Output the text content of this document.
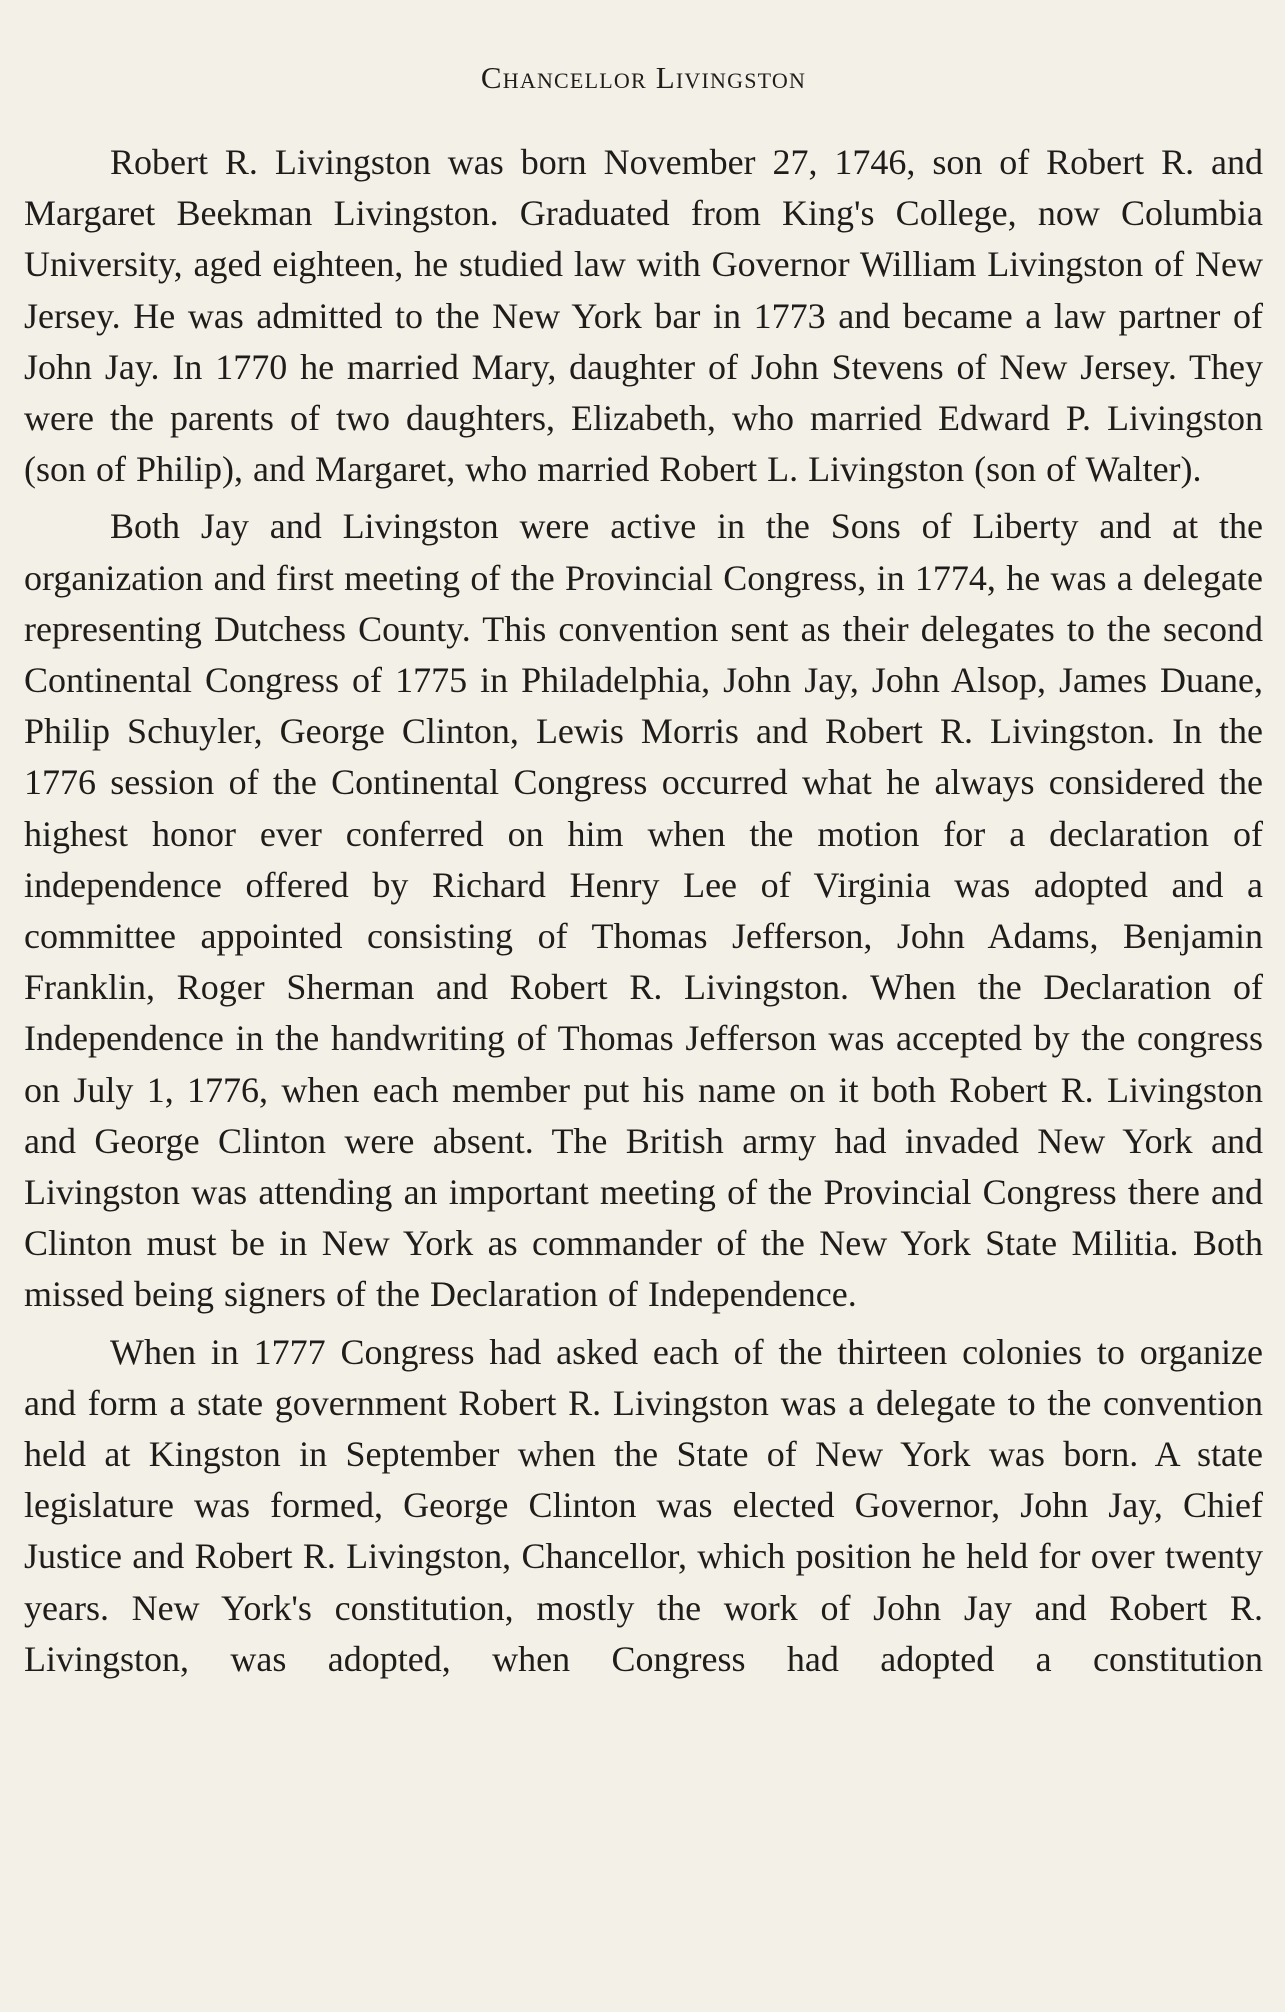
Chancellor Livingston

Robert R. Livingston was born November 27, 1746, son of Robert R. and Margaret Beekman Livingston. Graduated from King's College, now Columbia University, aged eighteen, he studied law with Governor William Livingston of New Jersey. He was admitted to the New York bar in 1773 and became a law partner of John Jay. In 1770 he married Mary, daughter of John Stevens of New Jersey. They were the parents of two daughters, Elizabeth, who married Edward P. Livingston (son of Philip), and Margaret, who married Robert L. Livingston (son of Walter).

Both Jay and Livingston were active in the Sons of Liberty and at the organization and first meeting of the Provincial Congress, in 1774, he was a delegate representing Dutchess County. This convention sent as their delegates to the second Continental Congress of 1775 in Philadelphia, John Jay, John Alsop, James Duane, Philip Schuyler, George Clinton, Lewis Morris and Robert R. Livingston. In the 1776 session of the Continental Congress occurred what he always considered the highest honor ever conferred on him when the motion for a declaration of independence offered by Richard Henry Lee of Virginia was adopted and a committee appointed consisting of Thomas Jefferson, John Adams, Benjamin Franklin, Roger Sherman and Robert R. Livingston. When the Declaration of Independence in the handwriting of Thomas Jefferson was accepted by the congress on July 1, 1776, when each member put his name on it both Robert R. Livingston and George Clinton were absent. The British army had invaded New York and Livingston was attending an important meeting of the Provincial Congress there and Clinton must be in New York as commander of the New York State Militia. Both missed being signers of the Declaration of Independence.

When in 1777 Congress had asked each of the thirteen colonies to organize and form a state government Robert R. Livingston was a delegate to the convention held at Kingston in September when the State of New York was born. A state legislature was formed, George Clinton was elected Governor, John Jay, Chief Justice and Robert R. Livingston, Chancellor, which position he held for over twenty years. New York's constitution, mostly the work of John Jay and Robert R. Livingston, was adopted, when Congress had adopted a constitution
